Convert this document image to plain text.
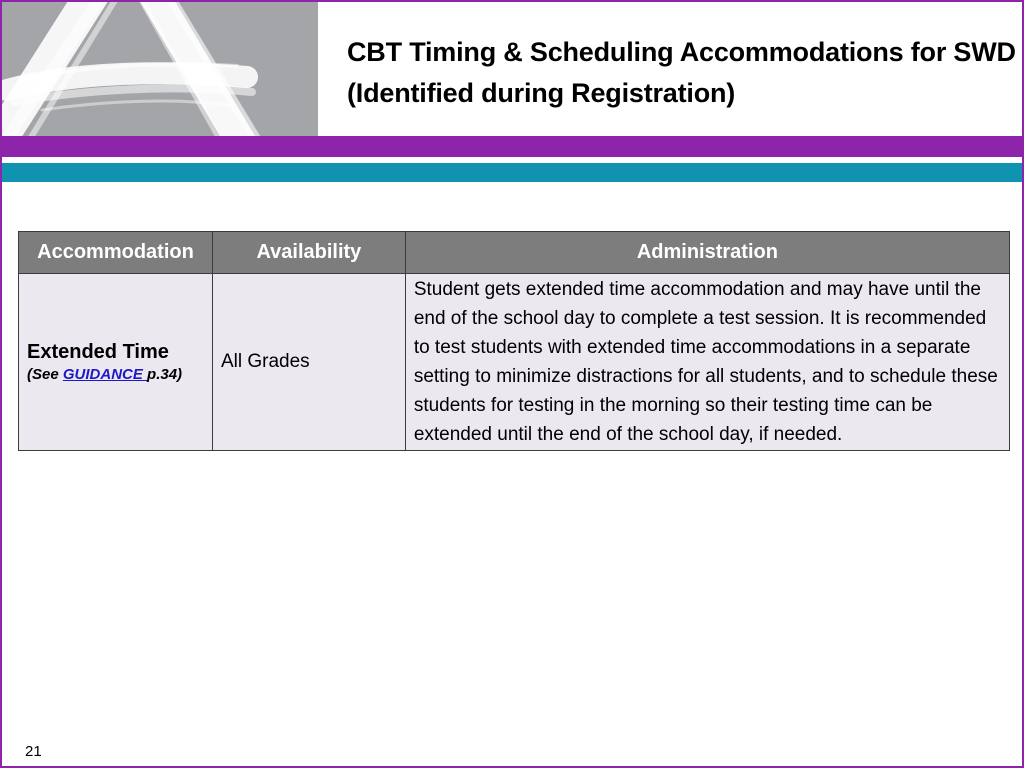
CBT Timing & Scheduling Accommodations for SWD (Identified during Registration)
Accommodation	Availability	Administration

Extended Time
(See GUIDANCE p.34)	All Grades	Student gets extended time accommodation and may have until the end of the school day to complete a test session. It is recommended to test students with extended time accommodations in a separate setting to minimize distractions for all students, and to schedule these students for testing in the morning so their testing time can be extended until the end of the school day, if needed.
21
